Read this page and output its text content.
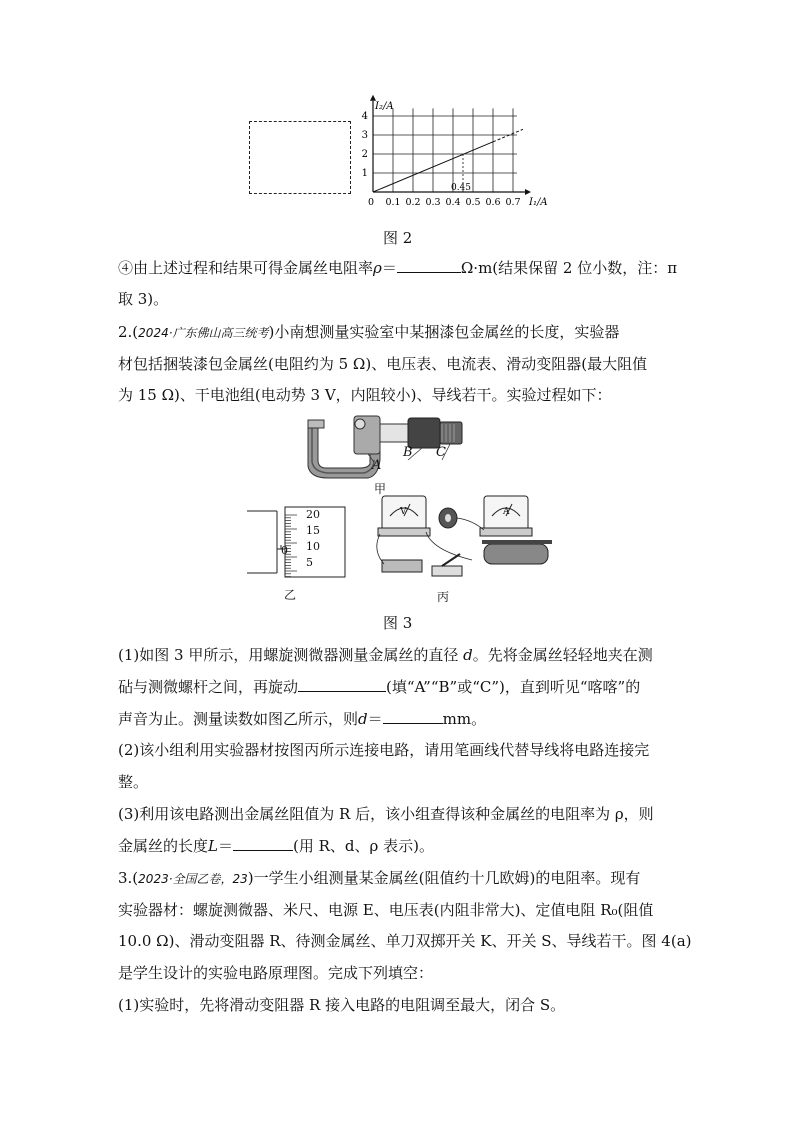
0.45
0 0.1 0.2 0.3 0.4 0.5 0.6 0.7
1
2
3
4
I₁/A
I₂/A
图 2
④由上述过程和结果可得金属丝电阻率ρ＝	Ω·m(结果保留 2 位小数，注：π
取 3)。
2.(2024·广东佛山高三统考)小南想测量实验室中某捆漆包金属丝的长度，实验器
材包括捆装漆包金属丝(电阻约为 5 Ω)、电压表、电流表、滑动变阻器(最大阻值
为 15 Ω)、干电池组(电动势 3 V，内阻较小)、导线若干。实验过程如下：
A
B C
甲
20
15
10
5
0
乙
V	A
丙
图 3
(1)如图 3 甲所示，用螺旋测微器测量金属丝的直径 d。先将金属丝轻轻地夹在测
砧与测微螺杆之间，再旋动	(填“A”“B”或“C”)，直到听见“喀喀”的
声音为止。测量读数如图乙所示，则d＝	mm。
(2)该小组利用实验器材按图丙所示连接电路，请用笔画线代替导线将电路连接完
整。
(3)利用该电路测出金属丝阻值为 R 后，该小组查得该种金属丝的电阻率为 ρ，则
金属丝的长度L＝	(用 R、d、ρ 表示)。
3.(2023·全国乙卷，23)一学生小组测量某金属丝(阻值约十几欧姆)的电阻率。现有
实验器材：螺旋测微器、米尺、电源 E、电压表(内阻非常大)、定值电阻 R₀(阻值
10.0 Ω)、滑动变阻器 R、待测金属丝、单刀双掷开关 K、开关 S、导线若干。图 4(a)
是学生设计的实验电路原理图。完成下列填空：
(1)实验时，先将滑动变阻器 R 接入电路的电阻调至最大，闭合 S。
